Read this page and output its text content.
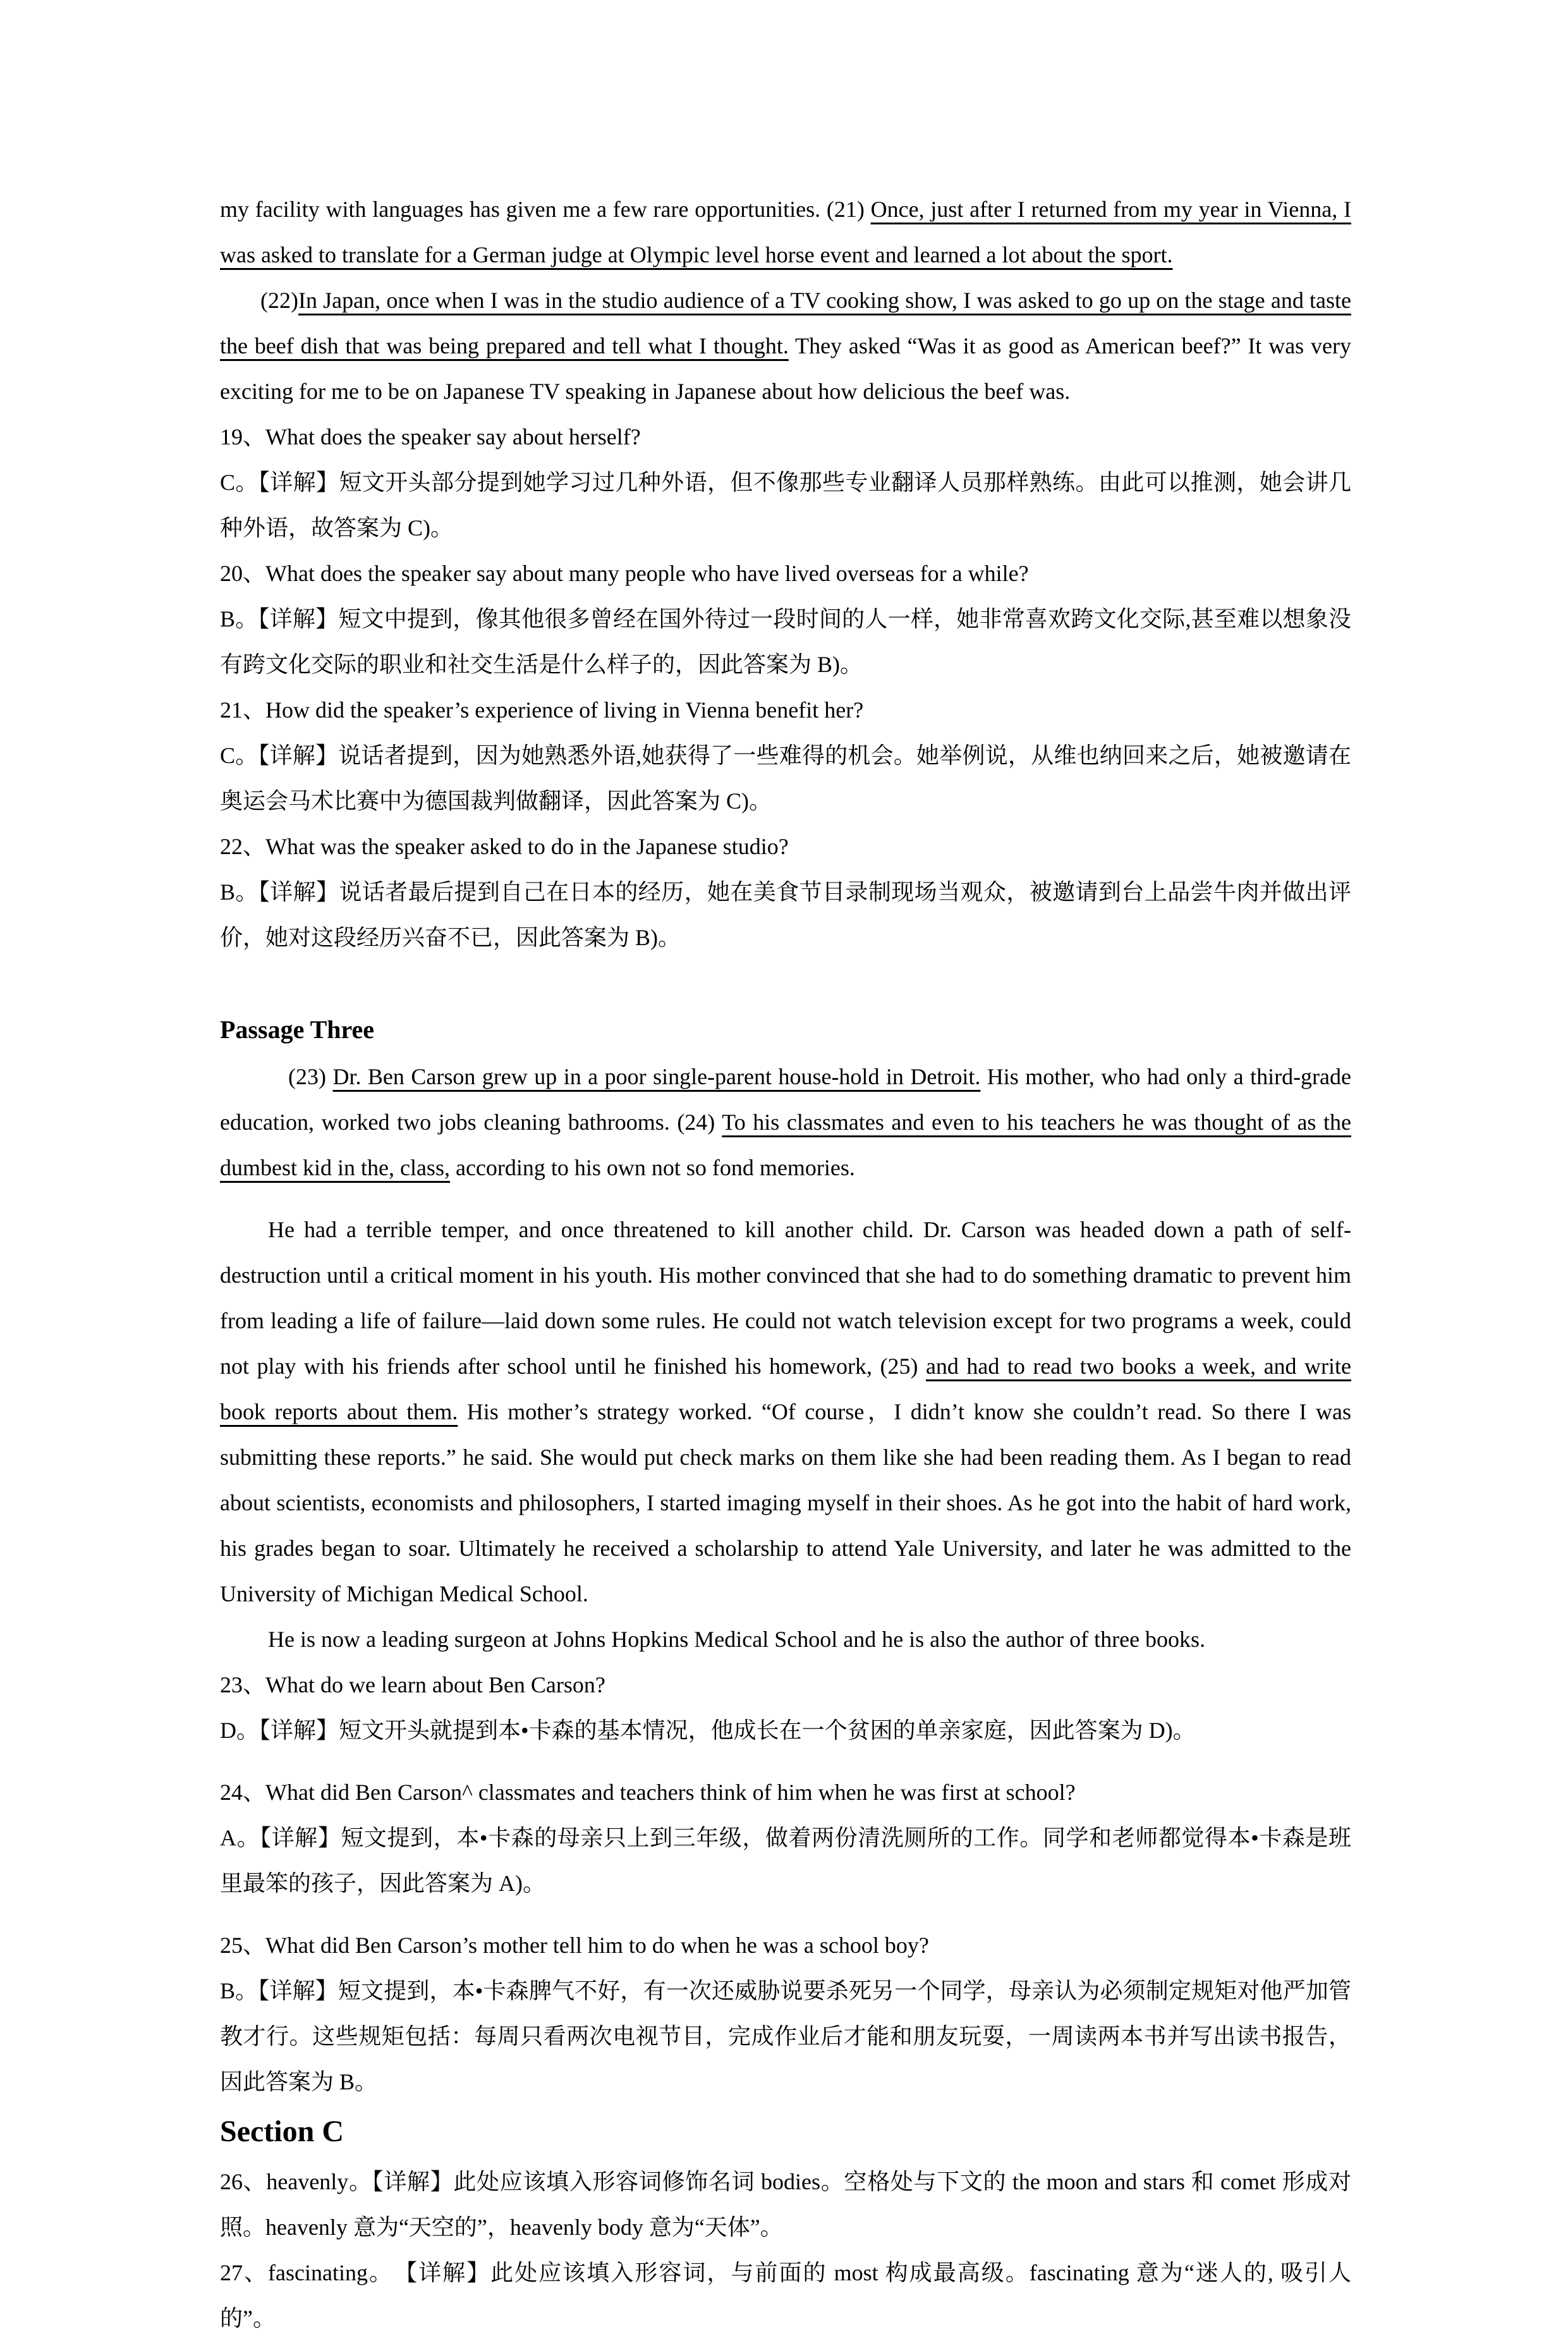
my facility with languages has given me a few rare opportunities. (21) Once, just after I returned from my year in Vienna, I was asked to translate for a German judge at Olympic level horse event and learned a lot about the sport.

(22)In Japan, once when I was in the studio audience of a TV cooking show, I was asked to go up on the stage and taste the beef dish that was being prepared and tell what I thought. They asked “Was it as good as American beef?” It was very exciting for me to be on Japanese TV speaking in Japanese about how delicious the beef was.

19、What does the speaker say about herself?

C。【详解】短文开头部分提到她学习过几种外语，但不像那些专业翻译人员那样熟练。由此可以推测，她会讲几种外语，故答案为 C)。

20、What does the speaker say about many people who have lived overseas for a while?

B。【详解】短文中提到，像其他很多曾经在国外待过一段时间的人一样，她非常喜欢跨文化交际,甚至难以想象没有跨文化交际的职业和社交生活是什么样子的，因此答案为 B)。

21、How did the speaker’s experience of living in Vienna benefit her?

C。【详解】说话者提到，因为她熟悉外语,她获得了一些难得的机会。她举例说，从维也纳回来之后，她被邀请在奥运会马术比赛中为德国裁判做翻译，因此答案为 C)。

22、What was the speaker asked to do in the Japanese studio?

B。【详解】说话者最后提到自己在日本的经历，她在美食节目录制现场当观众，被邀请到台上品尝牛肉并做出评价，她对这段经历兴奋不已，因此答案为 B)。

Passage Three

(23) Dr. Ben Carson grew up in a poor single-parent house-hold in Detroit. His mother, who had only a third-grade education, worked two jobs cleaning bathrooms. (24) To his classmates and even to his teachers he was thought of as the dumbest kid in the, class, according to his own not so fond memories.

He had a terrible temper, and once threatened to kill another child. Dr. Carson was headed down a path of self-destruction until a critical moment in his youth. His mother convinced that she had to do something dramatic to prevent him from leading a life of failure—laid down some rules. He could not watch television except for two programs a week, could not play with his friends after school until he finished his homework, (25) and had to read two books a week, and write book reports about them. His mother’s strategy worked. “Of course，I didn’t know she couldn’t read. So there I was submitting these reports.” he said. She would put check marks on them like she had been reading them. As I began to read about scientists, economists and philosophers, I started imaging myself in their shoes. As he got into the habit of hard work, his grades began to soar. Ultimately he received a scholarship to attend Yale University, and later he was admitted to the University of Michigan Medical School.

He is now a leading surgeon at Johns Hopkins Medical School and he is also the author of three books.

23、What do we learn about Ben Carson?

D。【详解】短文开头就提到本•卡森的基本情况，他成长在一个贫困的单亲家庭，因此答案为 D)。

24、What did Ben Carson^ classmates and teachers think of him when he was first at school?

A。【详解】短文提到，本•卡森的母亲只上到三年级，做着两份清洗厕所的工作。同学和老师都觉得本•卡森是班里最笨的孩子，因此答案为 A)。

25、What did Ben Carson’s mother tell him to do when he was a school boy?

B。【详解】短文提到，本•卡森脾气不好，有一次还威胁说要杀死另一个同学，母亲认为必须制定规矩对他严加管教才行。这些规矩包括：每周只看两次电视节目，完成作业后才能和朋友玩耍，一周读两本书并写出读书报告，因此答案为 B。

Section C

26、heavenly。【详解】此处应该填入形容词修饰名词 bodies。空格处与下文的 the moon and stars 和 comet 形成对照。heavenly 意为“天空的”，heavenly body 意为“天体”。

27、fascinating。　【详解】此处应该填入形容词，与前面的 most 构成最高级。fascinating 意为“迷人的, 吸引人的”。
